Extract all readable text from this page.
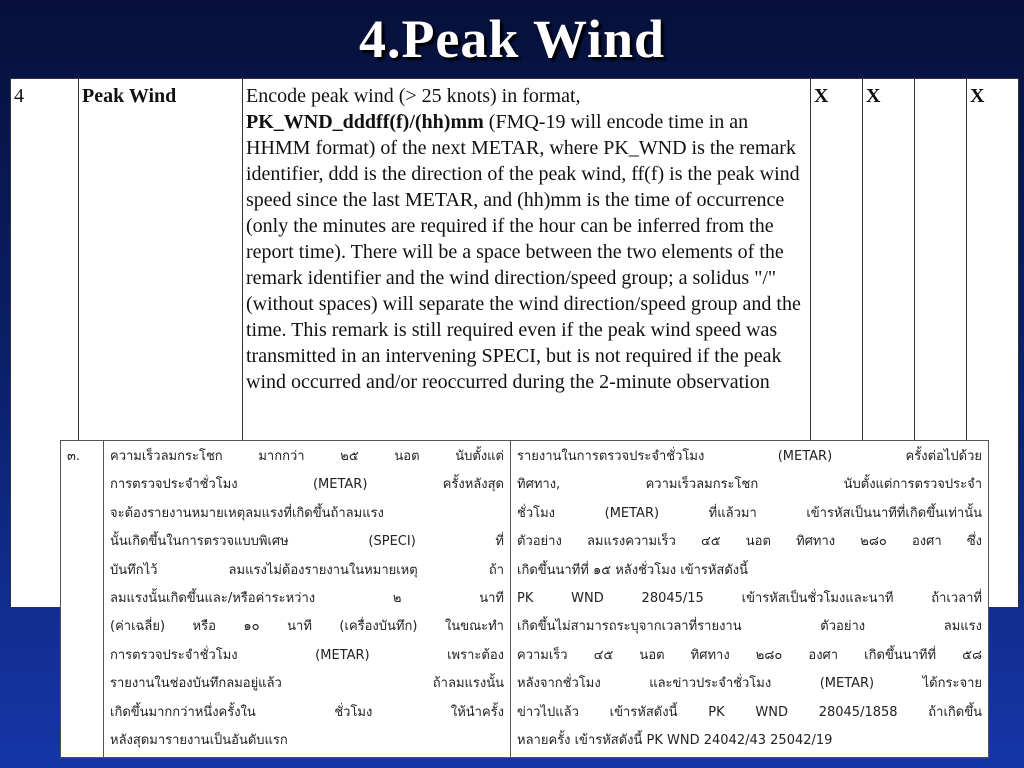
4.Peak Wind
4	Peak Wind	Encode peak wind (> 25 knots) in format,
PK_WND_dddff(f)/(hh)mm (FMQ-19 will encode time in an HHMM format) of the next METAR, where PK_WND is the remark identifier, ddd is the direction of the peak wind, ff(f) is the peak wind speed since the last METAR, and (hh)mm is the time of occurrence (only the minutes are required if the hour can be inferred from the report time). There will be a space between the two elements of the remark identifier and the wind direction/speed group; a solidus "/" (without spaces) will separate the wind direction/speed group and the time. This remark is still required even if the peak wind speed was transmitted in an intervening SPECI, but is not required if the peak wind occurred and/or reoccurred during the 2-minute observation	X	X		X
๓.	ความเร็วลมกระโชก มากกว่า ๒๕ นอต นับตั้งแต่
การตรวจประจำชั่วโมง (METAR) ครั้งหลังสุด
จะต้องรายงานหมายเหตุลมแรงที่เกิดขึ้นถ้าลมแรง
นั้นเกิดขึ้นในการตรวจแบบพิเศษ (SPECI) ที่
บันทึกไว้ ลมแรงไม่ต้องรายงานในหมายเหตุ ถ้า
ลมแรงนั้นเกิดขึ้นและ/หรือค่าระหว่าง ๒ นาที
(ค่าเฉลี่ย) หรือ ๑๐ นาที (เครื่องบันทึก) ในขณะทำ
การตรวจประจำชั่วโมง (METAR) เพราะต้อง
รายงานในช่องบันทึกลมอยู่แล้ว ถ้าลมแรงนั้น
เกิดขึ้นมากกว่าหนึ่งครั้งใน ชั่วโมง ให้นำครั้ง
หลังสุดมารายงานเป็นอันดับแรก

รายงานในการตรวจประจำชั่วโมง (METAR) ครั้งต่อไปด้วย
ทิศทาง, ความเร็วลมกระโชก นับตั้งแต่การตรวจประจำ
ชั่วโมง (METAR) ที่แล้วมา เข้ารหัสเป็นนาทีที่เกิดขึ้นเท่านั้น
ตัวอย่าง ลมแรงความเร็ว ๔๕ นอต ทิศทาง ๒๘๐ องศา ซึ่ง
เกิดขึ้นนาทีที่ ๑๕ หลังชั่วโมง เข้ารหัสดังนี้
PK WND 28045/15 เข้ารหัสเป็นชั่วโมงและนาที ถ้าเวลาที่
เกิดขึ้นไม่สามารถระบุจากเวลาที่รายงาน ตัวอย่าง ลมแรง
ความเร็ว ๔๕ นอต ทิศทาง ๒๘๐ องศา เกิดขึ้นนาทีที่ ๕๘
หลังจากชั่วโมง และข่าวประจำชั่วโมง (METAR) ได้กระจาย
ข่าวไปแล้ว เข้ารหัสดังนี้ PK WND 28045/1858 ถ้าเกิดขึ้น
หลายครั้ง เข้ารหัสดังนี้ PK WND 24042/43 25042/19
